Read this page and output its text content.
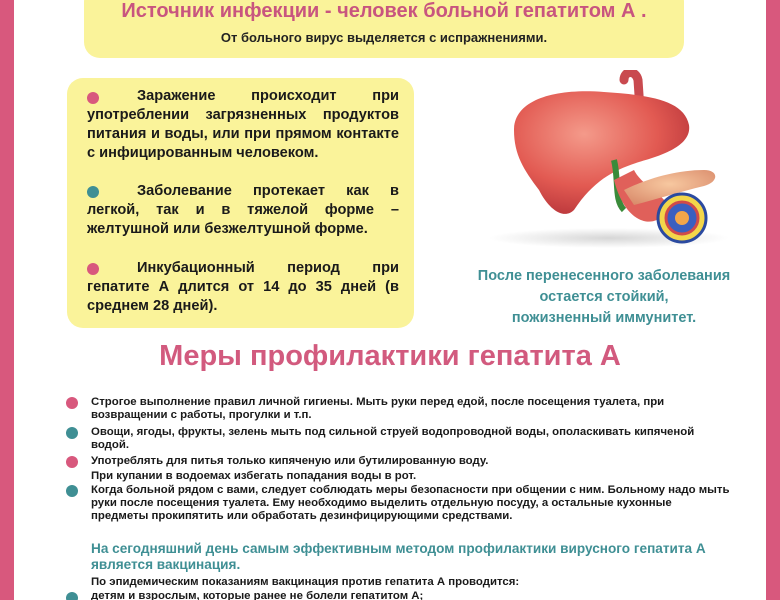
Источник инфекции - человек больной гепатитом А .
От больного вирус выделяется с испражнениями.
Заражение происходит при употреблении загрязненных продуктов питания и воды, или при прямом контакте с инфицированным человеком.
Заболевание протекает как в легкой, так и в тяжелой форме – желтушной или безжелтушной форме.
Инкубационный период при гепатите А длится от 14 до 35 дней (в среднем 28 дней).
После перенесенного заболевания
остается стойкий,
пожизненный иммунитет.
Меры профилактики гепатита А
Строгое выполнение правил личной гигиены. Мыть руки перед едой, после посещения туалета, при возвращении с работы, прогулки и т.п.
Овощи, ягоды, фрукты, зелень мыть под сильной струей водопроводной воды, ополаскивать кипяченой водой.
Употреблять для питья только кипяченую или бутилированную воду.
При купании в водоемах избегать попадания воды в рот.
Когда больной рядом с вами, следует соблюдать меры безопасности при общении с ним. Больному надо мыть руки после посещения туалета. Ему необходимо выделить отдельную посуду, а остальные кухонные предметы прокипятить или обработать дезинфицирующими средствами.
На сегодняшний день самым эффективным методом профилактики вирусного гепатита А является вакцинация.
По эпидемическим показаниям вакцинация против гепатита А проводится:
детям и взрослым, которые ранее не болели гепатитом А;
